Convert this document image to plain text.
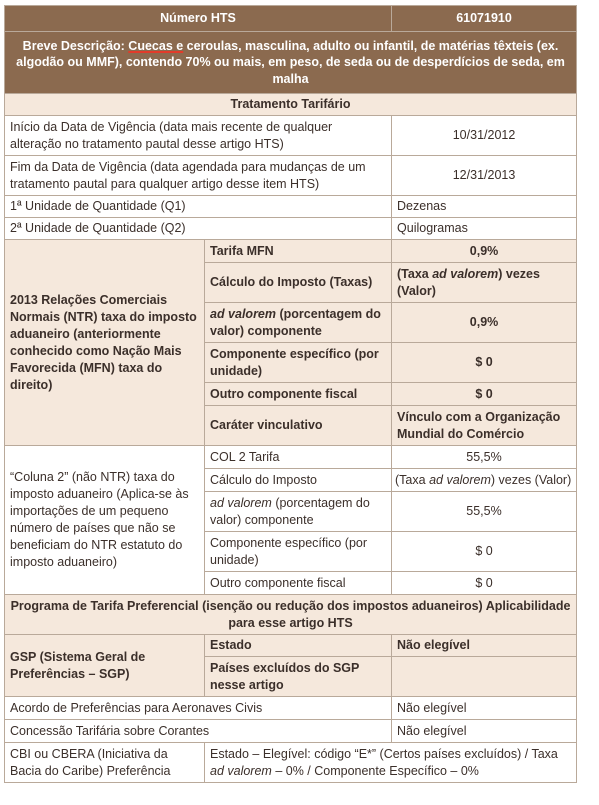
Número HTS		61071910
Breve Descrição: Cuecas e ceroulas, masculina, adulto ou infantil, de matérias têxteis (ex. algodão ou MMF), contendo 70% ou mais, em peso, de seda ou de desperdícios de seda, em malha		
Tratamento Tarifário		
Início da Data de Vigência (data mais recente de qualquer alteração no tratamento pautal desse artigo HTS)		10/31/2012
Fim da Data de Vigência (data agendada para mudanças de um tratamento pautal para qualquer artigo desse item HTS)		12/31/2013
1ª Unidade de Quantidade (Q1)		Dezenas
2ª Unidade de Quantidade (Q2)		Quilogramas
2013 Relações Comerciais Normais (NTR) taxa do imposto aduaneiro (anteriormente conhecido como Nação Mais Favorecida (MFN) taxa do direito)	Tarifa MFN	0,9%
	Cálculo do Imposto (Taxas)	(Taxa ad valorem) vezes (Valor)
	ad valorem (porcentagem do valor) componente	0,9%
	Componente específico (por unidade)	$ 0
	Outro componente fiscal	$ 0
	Caráter vinculativo	Vínculo com a Organização Mundial do Comércio
“Coluna 2” (não NTR) taxa do imposto aduaneiro (Aplica-se às importações de um pequeno número de países que não se beneficiam do NTR estatuto do imposto aduaneiro)	COL 2 Tarifa	55,5%
	Cálculo do Imposto	(Taxa ad valorem) vezes (Valor)
	ad valorem (porcentagem do valor) componente	55,5%
	Componente específico (por unidade)	$ 0
	Outro componente fiscal	$ 0
Programa de Tarifa Preferencial (isenção ou redução dos impostos aduaneiros) Aplicabilidade para esse artigo HTS		
GSP (Sistema Geral de Preferências – SGP)	Estado	Não elegível
	Países excluídos do SGP nesse artigo	
Acordo de Preferências para Aeronaves Civis		Não elegível
Concessão Tarifária sobre Corantes		Não elegível
CBI ou CBERA (Iniciativa da Bacia do Caribe) Preferência	Estado – Elegível: código “E*” (Certos países excluídos) / Taxa ad valorem – 0% / Componente Específico – 0%	
